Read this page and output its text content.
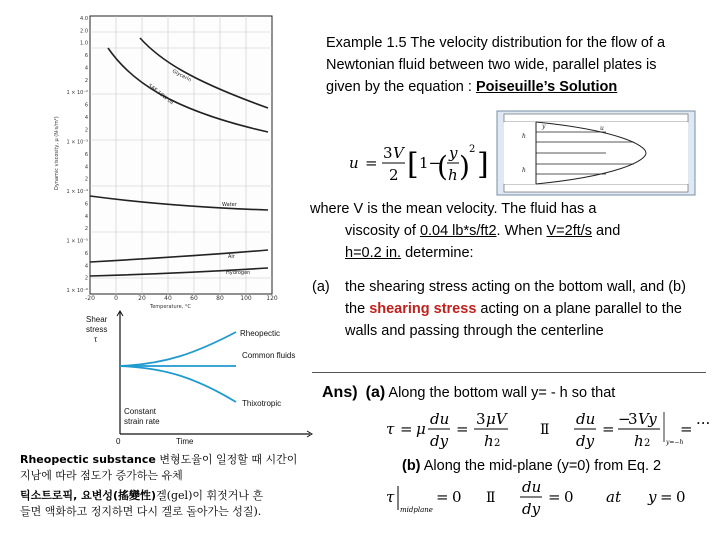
Glycerin
SAE 10W oil
Water
Air
Hydrogen
4.0
2.0
1.0
6
4
2
1 × 10⁻²
6
4
2
1 × 10⁻³
6
4
2
1 × 10⁻⁴
6
4
2
1 × 10⁻⁵
6
4
2
1 × 10⁻⁶
-20	0	20	40	60	80	100 120
Dynamic viscosity, μ (N·s/m²)
Temperature, °C
Shear
stress
τ
Rheopectic
Common fluids
Thixotropic
Constant
strain rate
0	Time
Example 1.5 The velocity distribution for the flow of a Newtonian fluid between two wide, parallel plates is given by the equation : Poiseuille’s Solution
u =
3 V
2 [ 1−
( y
h )
2 ]
h
h
y	u
where V is the mean velocity. The fluid has a
viscosity of 0.04 lb*s/ft2. When V=2ft/s and
h=0.2 in. determine:
(a) the shearing stress acting on the bottom wall, and (b) the shearing stress acting on a plane parallel to the walls and passing through the centerline
Ans) (a) Along the bottom wall y= - h so that
τ = μ
du
dy
=
3 μV
h 2
Ⅱ
du
dy
=
−
3 Vy
h 2	y=−h
=
...
(b) Along the mid-plane (y=0) from Eq. 2
τ
midplane
= 0 Ⅱ
du
dy
= 0 at y = 0
Rheopectic substance 변형도율이 일정할 때 시간이
지남에 따라 점도가 증가하는 유체
틱소트로픽, 요변성(搖變性)겔(gel)이 휘젓거나 흔
들면 액화하고 정지하면 다시 겔로 돌아가는 성질).
